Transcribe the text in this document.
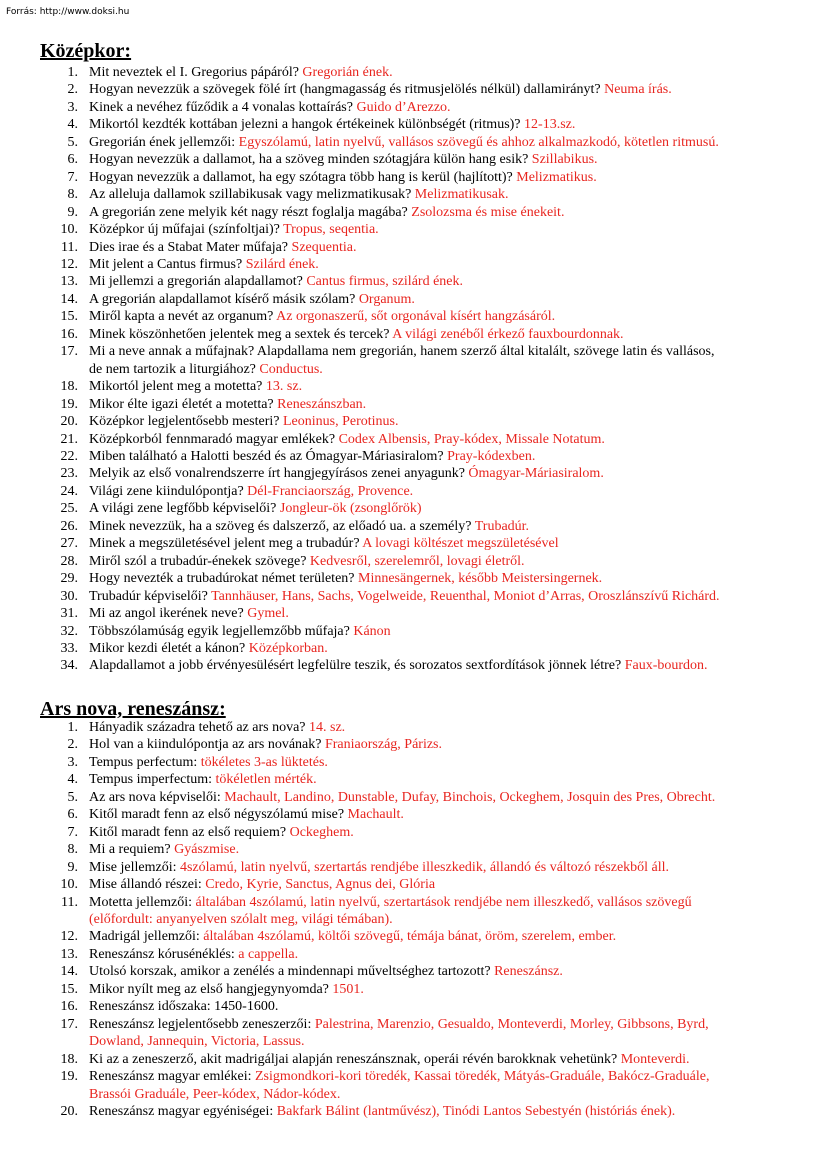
Forrás: http://www.doksi.hu
Középkor:
1. Mit neveztek el I. Gregorius pápáról? Gregorián ének.
2. Hogyan nevezzük a szövegek fölé írt (hangmagasság és ritmusjelölés nélkül) dallamirányt? Neuma írás.
3. Kinek a nevéhez fűződik a 4 vonalas kottaírás? Guido d’Arezzo.
4. Mikortól kezdték kottában jelezni a hangok értékeinek különbségét (ritmus)? 12-13.sz.
5. Gregorián ének jellemzői: Egyszólamú, latin nyelvű, vallásos szövegű és ahhoz alkalmazkodó, kötetlen ritmusú.
6. Hogyan nevezzük a dallamot, ha a szöveg minden szótagjára külön hang esik? Szillabikus.
7. Hogyan nevezzük a dallamot, ha egy szótagra több hang is kerül (hajlított)? Melizmatikus.
8. Az alleluja dallamok szillabikusak vagy melizmatikusak? Melizmatikusak.
9. A gregorián zene melyik két nagy részt foglalja magába? Zsolozsma és mise énekeit.
10. Középkor új műfajai (színfoltjai)? Tropus, seqentia.
11. Dies irae és a Stabat Mater műfaja? Szequentia.
12. Mit jelent a Cantus firmus? Szilárd ének.
13. Mi jellemzi a gregorián alapdallamot? Cantus firmus, szilárd ének.
14. A gregorián alapdallamot kísérő másik szólam? Organum.
15. Miről kapta a nevét az organum? Az orgonaszerű, sőt orgonával kísért hangzásáról.
16. Minek köszönhetően jelentek meg a sextek és tercek? A világi zenéből érkező fauxbourdonnak.
17. Mi a neve annak a műfajnak? Alapdallama nem gregorián, hanem szerző által kitalált, szövege latin és vallásos,
de nem tartozik a liturgiához? Conductus.
18. Mikortól jelent meg a motetta? 13. sz.
19. Mikor élte igazi életét a motetta? Reneszánszban.
20. Középkor legjelentősebb mesteri? Leoninus, Perotinus.
21. Középkorból fennmaradó magyar emlékek? Codex Albensis, Pray-kódex, Missale Notatum.
22. Miben található a Halotti beszéd és az Ómagyar-Máriasiralom? Pray-kódexben.
23. Melyik az első vonalrendszerre írt hangjegyírásos zenei anyagunk? Ómagyar-Máriasiralom.
24. Világi zene kiindulópontja? Dél-Franciaország, Provence.
25. A világi zene legfőbb képviselői? Jongleur-ök (zsonglőrök)
26. Minek nevezzük, ha a szöveg és dalszerző, az előadó ua. a személy? Trubadúr.
27. Minek a megszületésével jelent meg a trubadúr? A lovagi költészet megszületésével
28. Miről szól a trubadúr-énekek szövege? Kedvesről, szerelemről, lovagi életről.
29. Hogy nevezték a trubadúrokat német területen? Minnesängernek, később Meistersingernek.
30. Trubadúr képviselői? Tannhäuser, Hans, Sachs, Vogelweide, Reuenthal, Moniot d’Arras, Oroszlánszívű Richárd.
31. Mi az angol ikerének neve? Gymel.
32. Többszólamúság egyik legjellemzőbb műfaja? Kánon
33. Mikor kezdi életét a kánon? Középkorban.
34. Alapdallamot a jobb érvényesülésért legfelülre teszik, és sorozatos sextfordítások jönnek létre? Faux-bourdon.
Ars nova, reneszánsz:
1. Hányadik századra tehető az ars nova? 14. sz.
2. Hol van a kiindulópontja az ars novának? Franiaország, Párizs.
3. Tempus perfectum: tökéletes 3-as lüktetés.
4. Tempus imperfectum: tökéletlen mérték.
5. Az ars nova képviselői: Machault, Landino, Dunstable, Dufay, Binchois, Ockeghem, Josquin des Pres, Obrecht.
6. Kitől maradt fenn az első négyszólamú mise? Machault.
7. Kitől maradt fenn az első requiem? Ockeghem.
8. Mi a requiem? Gyászmise.
9. Mise jellemzői: 4szólamú, latin nyelvű, szertartás rendjébe illeszkedik, állandó és változó részekből áll.
10. Mise állandó részei: Credo, Kyrie, Sanctus, Agnus dei, Glória
11. Motetta jellemzői: általában 4szólamú, latin nyelvű, szertartások rendjébe nem illeszkedő, vallásos szövegű
(előfordult: anyanyelven szólalt meg, világi témában).
12. Madrigál jellemzői: általában 4szólamú, költői szövegű, témája bánat, öröm, szerelem, ember.
13. Reneszánsz kórusénéklés: a cappella.
14. Utolsó korszak, amikor a zenélés a mindennapi műveltséghez tartozott? Reneszánsz.
15. Mikor nyílt meg az első hangjegynyomda? 1501.
16. Reneszánsz időszaka: 1450-1600.
17. Reneszánsz legjelentősebb zeneszerzői: Palestrina, Marenzio, Gesualdo, Monteverdi, Morley, Gibbsons, Byrd,
Dowland, Jannequin, Victoria, Lassus.
18. Ki az a zeneszerző, akit madrigáljai alapján reneszánsznak, operái révén barokknak vehetünk? Monteverdi.
19. Reneszánsz magyar emlékei: Zsigmondkori-kori töredék, Kassai töredék, Mátyás-Graduále, Bakócz-Graduále,
Brassói Graduále, Peer-kódex, Nádor-kódex.
20. Reneszánsz magyar egyéniségei: Bakfark Bálint (lantművész), Tinódi Lantos Sebestyén (históriás ének).
